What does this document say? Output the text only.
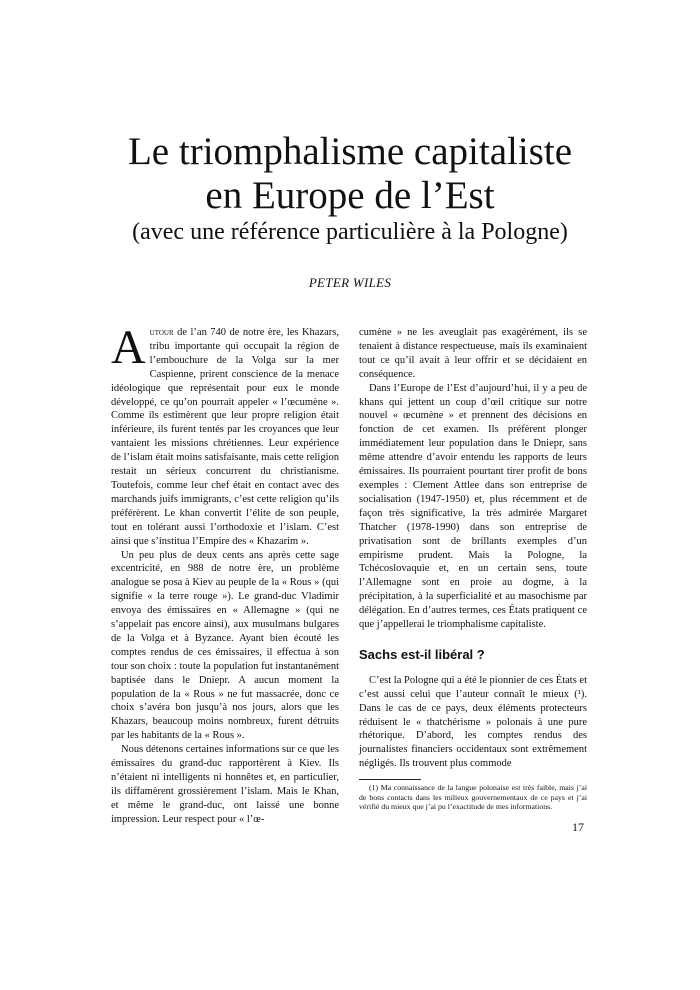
Le triomphalisme capitaliste
en Europe de l’Est
(avec une référence particulière à la Pologne)
PETER WILES

Autour de l’an 740 de notre ère, les Khazars, tribu importante qui occupait la région de l’embouchure de la Volga sur la mer Caspienne, prirent conscience de la menace idéologique que représentait pour eux le monde développé, ce qu’on pourrait appeler « l’œcumène ». Comme ils estimèrent que leur propre religion était inférieure, ils furent tentés par les croyances que leur vantaient les missions chrétiennes. Leur expérience de l’islam était moins satisfaisante, mais cette religion restait un sérieux concurrent du christianisme. Toutefois, comme leur chef était en contact avec des marchands juifs immigrants, c’est cette religion qu’ils préférèrent. Le khan convertit l’élite de son peuple, tout en tolérant aussi l’orthodoxie et l’islam. C’est ainsi que s’institua l’Empire des « Khazarim ».

Un peu plus de deux cents ans après cette sage excentricité, en 988 de notre ère, un problème analogue se posa à Kiev au peuple de la « Rous » (qui signifie « la terre rouge »). Le grand-duc Vladimir envoya des émissaires en « Allemagne » (qui ne s’appelait pas encore ainsi), aux musulmans bulgares de la Volga et à Byzance. Ayant bien écouté les comptes rendus de ces émissaires, il effectua à son tour son choix : toute la population fut instantanément baptisée dans le Dniepr. A aucun moment la population de la « Rous » ne fut massacrée, donc ce choix s’avéra bon jusqu’à nos jours, alors que les Khazars, beaucoup moins nombreux, furent détruits par les habitants de la « Rous ».

Nous détenons certaines informations sur ce que les émissaires du grand-duc rapportèrent à Kiev. Ils n’étaient ni intelligents ni honnêtes et, en particulier, ils diffamèrent grossièrement l’islam. Mais le Khan, et même le grand-duc, ont laissé une bonne impression. Leur respect pour « l’œ-

cumène » ne les aveuglait pas exagérément, ils se tenaient à distance respectueuse, mais ils examinaient tout ce qu’il avait à leur offrir et se décidaient en conséquence.

Dans l’Europe de l’Est d’aujourd’hui, il y a peu de khans qui jettent un coup d’œil critique sur notre nouvel « œcumène » et prennent des décisions en fonction de cet examen. Ils préfèrent plonger immédiatement leur population dans le Dniepr, sans même attendre d’avoir entendu les rapports de leurs émissaires. Ils pourraient pourtant tirer profit de bons exemples : Clement Attlee dans son entreprise de socialisation (1947-1950) et, plus récemment et de façon très significative, la très admirée Margaret Thatcher (1978-1990) dans son entreprise de privatisation sont de brillants exemples d’un empirisme prudent. Mais la Pologne, la Tchécoslovaquie et, en un certain sens, toute l’Allemagne sont en proie au dogme, à la précipitation, à la superficialité et au masochisme par délégation. En d’autres termes, ces États pratiquent ce que j’appellerai le triomphalisme capitaliste.

Sachs est-il libéral ?

C’est la Pologne qui a été le pionnier de ces États et c’est aussi celui que l’auteur connaît le mieux (¹). Dans le cas de ce pays, deux éléments protecteurs réduisent le « thatchérisme » polonais à une pure rhétorique. D’abord, les comptes rendus des journalistes financiers occidentaux sont extrêmement négligés. Ils trouvent plus commode

(1) Ma connaissance de la langue polonaise est très faible, mais j’ai de bons contacts dans les milieux gouvernementaux de ce pays et j’ai vérifié du mieux que j’ai pu l’exactitude de mes informations.

17
